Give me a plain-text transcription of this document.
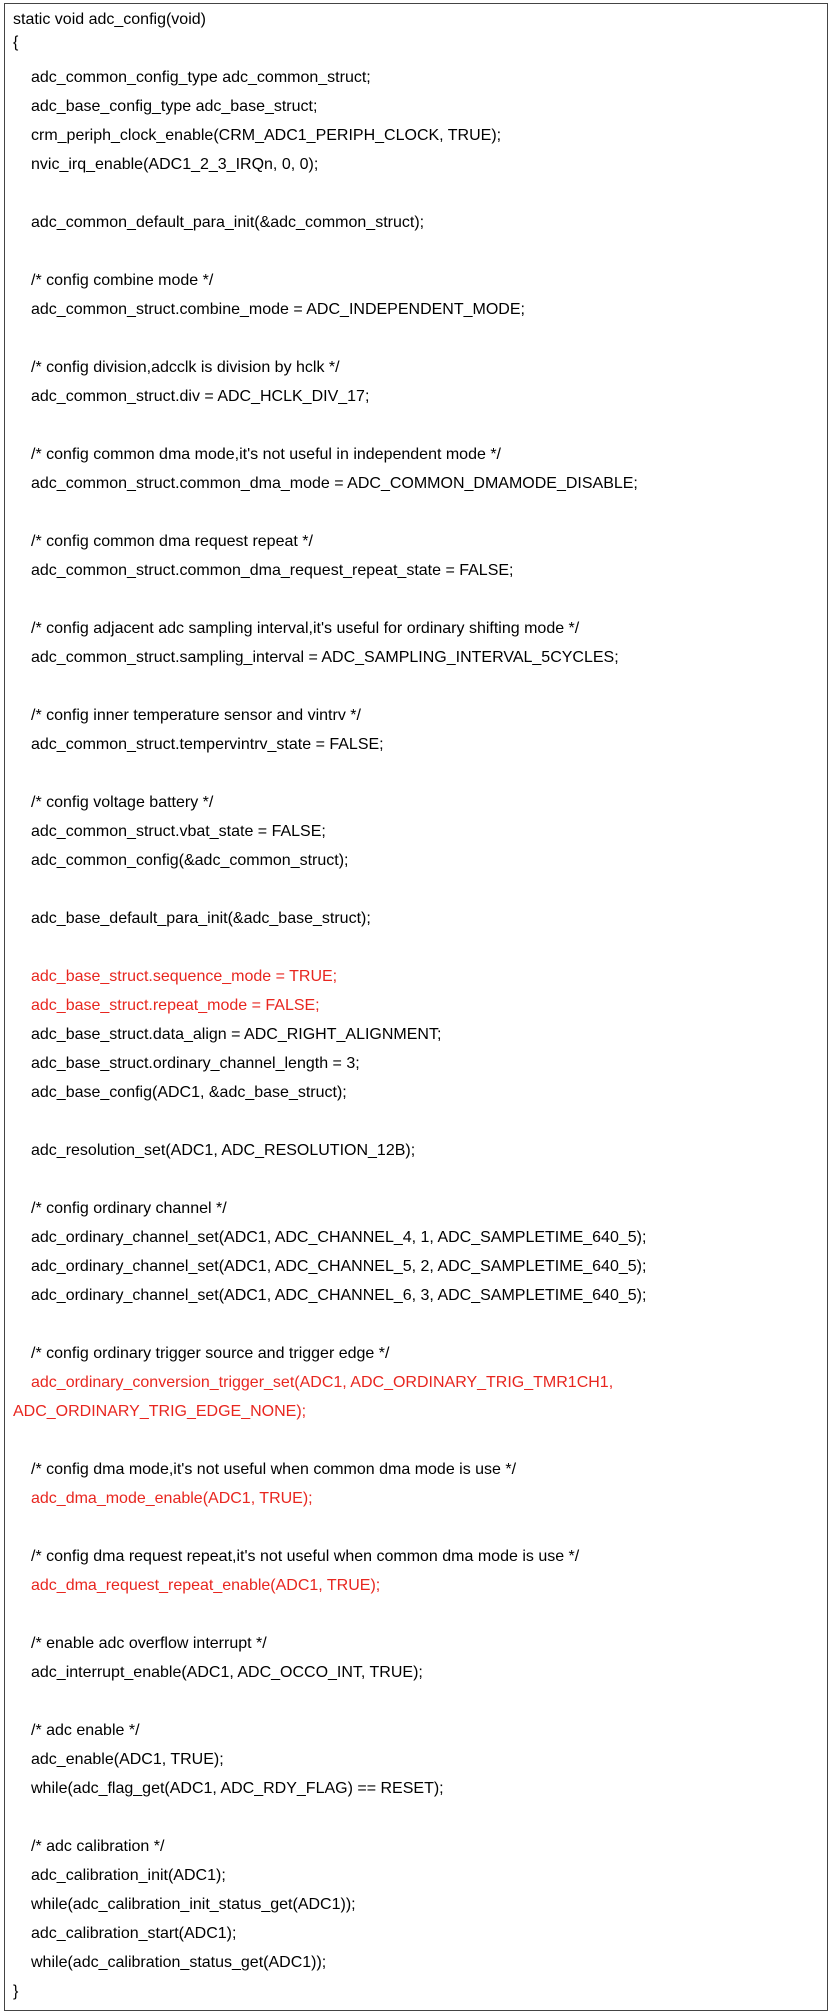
static void adc_config(void)
{
adc_common_config_type adc_common_struct;
adc_base_config_type adc_base_struct;
crm_periph_clock_enable(CRM_ADC1_PERIPH_CLOCK, TRUE);
nvic_irq_enable(ADC1_2_3_IRQn, 0, 0);
adc_common_default_para_init(&adc_common_struct);
/* config combine mode */
adc_common_struct.combine_mode = ADC_INDEPENDENT_MODE;
/* config division,adcclk is division by hclk */
adc_common_struct.div = ADC_HCLK_DIV_17;
/* config common dma mode,it's not useful in independent mode */
adc_common_struct.common_dma_mode = ADC_COMMON_DMAMODE_DISABLE;
/* config common dma request repeat */
adc_common_struct.common_dma_request_repeat_state = FALSE;
/* config adjacent adc sampling interval,it's useful for ordinary shifting mode */
adc_common_struct.sampling_interval = ADC_SAMPLING_INTERVAL_5CYCLES;
/* config inner temperature sensor and vintrv */
adc_common_struct.tempervintrv_state = FALSE;
/* config voltage battery */
adc_common_struct.vbat_state = FALSE;
adc_common_config(&adc_common_struct);
adc_base_default_para_init(&adc_base_struct);
adc_base_struct.sequence_mode = TRUE;
adc_base_struct.repeat_mode = FALSE;
adc_base_struct.data_align = ADC_RIGHT_ALIGNMENT;
adc_base_struct.ordinary_channel_length = 3;
adc_base_config(ADC1, &adc_base_struct);
adc_resolution_set(ADC1, ADC_RESOLUTION_12B);
/* config ordinary channel */
adc_ordinary_channel_set(ADC1, ADC_CHANNEL_4, 1, ADC_SAMPLETIME_640_5);
adc_ordinary_channel_set(ADC1, ADC_CHANNEL_5, 2, ADC_SAMPLETIME_640_5);
adc_ordinary_channel_set(ADC1, ADC_CHANNEL_6, 3, ADC_SAMPLETIME_640_5);
/* config ordinary trigger source and trigger edge */
adc_ordinary_conversion_trigger_set(ADC1, ADC_ORDINARY_TRIG_TMR1CH1,
ADC_ORDINARY_TRIG_EDGE_NONE);
/* config dma mode,it's not useful when common dma mode is use */
adc_dma_mode_enable(ADC1, TRUE);
/* config dma request repeat,it's not useful when common dma mode is use */
adc_dma_request_repeat_enable(ADC1, TRUE);
/* enable adc overflow interrupt */
adc_interrupt_enable(ADC1, ADC_OCCO_INT, TRUE);
/* adc enable */
adc_enable(ADC1, TRUE);
while(adc_flag_get(ADC1, ADC_RDY_FLAG) == RESET);
/* adc calibration */
adc_calibration_init(ADC1);
while(adc_calibration_init_status_get(ADC1));
adc_calibration_start(ADC1);
while(adc_calibration_status_get(ADC1));
}
